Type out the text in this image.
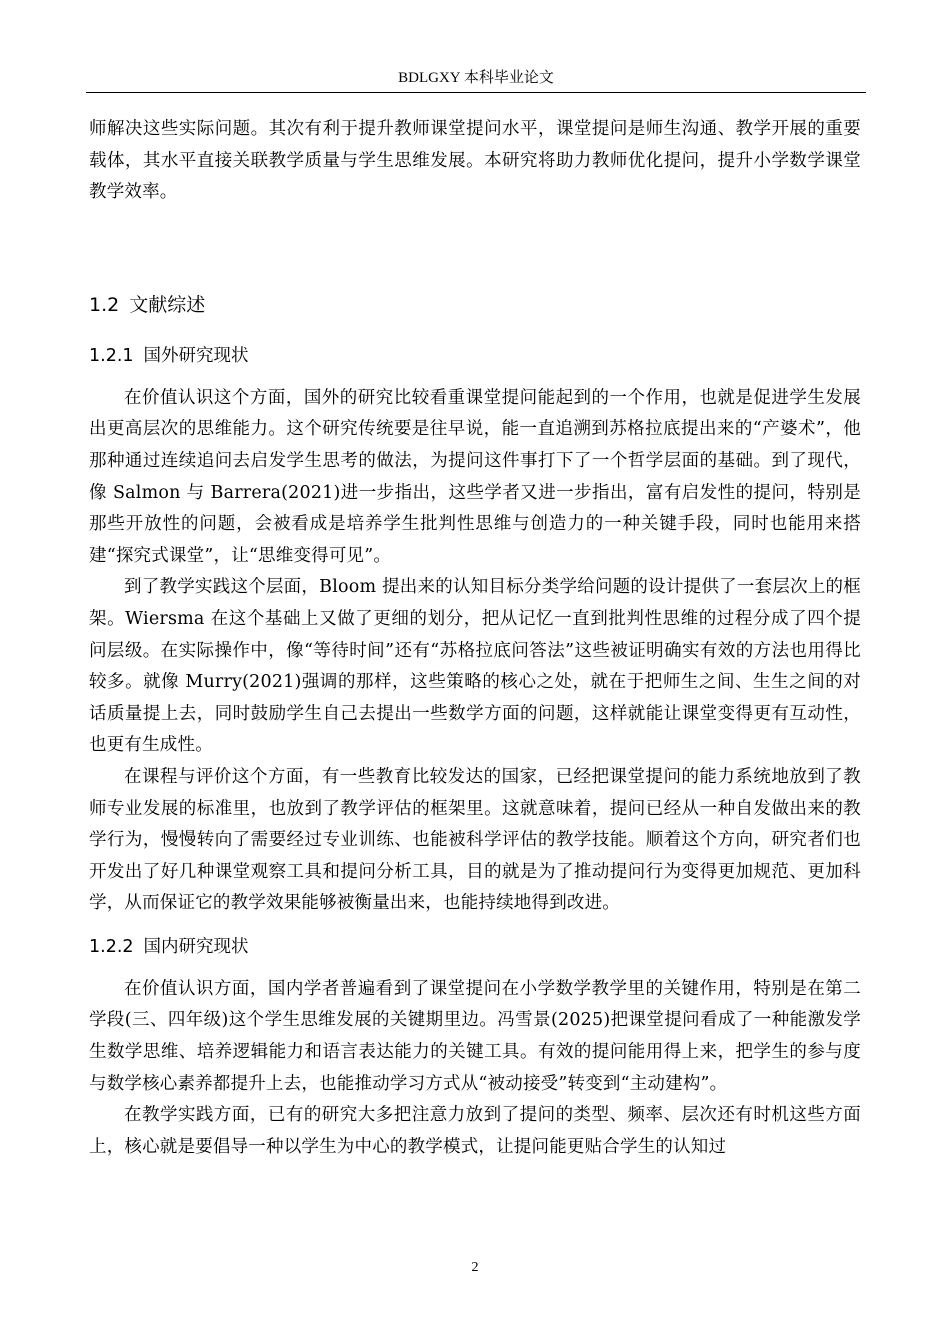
BDLGXY 本科毕业论文

师解决这些实际问题。其次有利于提升教师课堂提问水平，课堂提问是师生沟通、教学开展的重要载体，其水平直接关联教学质量与学生思维发展。本研究将助力教师优化提问，提升小学数学课堂教学效率。

1.2 文献综述
1.2.1 国外研究现状

在价值认识这个方面，国外的研究比较看重课堂提问能起到的一个作用，也就是促进学生发展出更高层次的思维能力。这个研究传统要是往早说，能一直追溯到苏格拉底提出来的“产婆术”，他那种通过连续追问去启发学生思考的做法，为提问这件事打下了一个哲学层面的基础。到了现代，像 Salmon 与 Barrera(2021)进一步指出，这些学者又进一步指出，富有启发性的提问，特别是那些开放性的问题，会被看成是培养学生批判性思维与创造力的一种关键手段，同时也能用来搭建“探究式课堂”，让“思维变得可见”。

到了教学实践这个层面，Bloom 提出来的认知目标分类学给问题的设计提供了一套层次上的框架。Wiersma 在这个基础上又做了更细的划分，把从记忆一直到批判性思维的过程分成了四个提问层级。在实际操作中，像“等待时间”还有“苏格拉底问答法”这些被证明确实有效的方法也用得比较多。就像 Murry(2021)强调的那样，这些策略的核心之处，就在于把师生之间、生生之间的对话质量提上去，同时鼓励学生自己去提出一些数学方面的问题，这样就能让课堂变得更有互动性，也更有生成性。

在课程与评价这个方面，有一些教育比较发达的国家，已经把课堂提问的能力系统地放到了教师专业发展的标准里，也放到了教学评估的框架里。这就意味着，提问已经从一种自发做出来的教学行为，慢慢转向了需要经过专业训练、也能被科学评估的教学技能。顺着这个方向，研究者们也开发出了好几种课堂观察工具和提问分析工具，目的就是为了推动提问行为变得更加规范、更加科学，从而保证它的教学效果能够被衡量出来，也能持续地得到改进。

1.2.2 国内研究现状

在价值认识方面，国内学者普遍看到了课堂提问在小学数学教学里的关键作用，特别是在第二学段(三、四年级)这个学生思维发展的关键期里边。冯雪景(2025)把课堂提问看成了一种能激发学生数学思维、培养逻辑能力和语言表达能力的关键工具。有效的提问能用得上来，把学生的参与度与数学核心素养都提升上去，也能推动学习方式从“被动接受”转变到“主动建构”。

在教学实践方面，已有的研究大多把注意力放到了提问的类型、频率、层次还有时机这些方面上，核心就是要倡导一种以学生为中心的教学模式，让提问能更贴合学生的认知过

2
